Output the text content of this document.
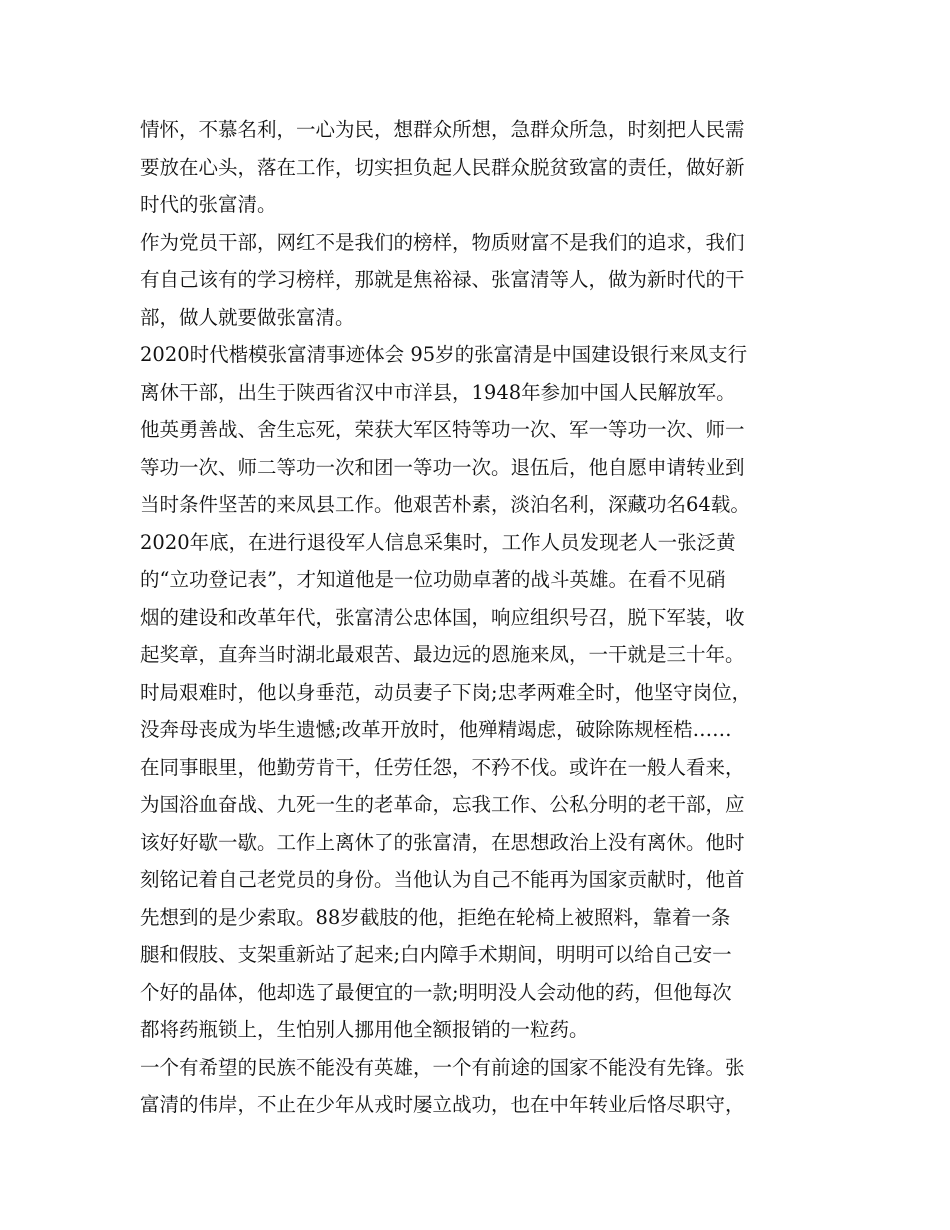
情怀，不慕名利，一心为民，想群众所想，急群众所急，时刻把人民需
要放在心头，落在工作，切实担负起人民群众脱贫致富的责任，做好新
时代的张富清。
作为党员干部，网红不是我们的榜样，物质财富不是我们的追求，我们
有自己该有的学习榜样，那就是焦裕禄、张富清等人，做为新时代的干
部，做人就要做张富清。
2020时代楷模张富清事迹体会 95岁的张富清是中国建设银行来凤支行
离休干部，出生于陕西省汉中市洋县，1948年参加中国人民解放军。
他英勇善战、舍生忘死，荣获大军区特等功一次、军一等功一次、师一
等功一次、师二等功一次和团一等功一次。退伍后，他自愿申请转业到
当时条件坚苦的来凤县工作。他艰苦朴素，淡泊名利，深藏功名64载。
2020年底，在进行退役军人信息采集时，工作人员发现老人一张泛黄
的“立功登记表”，才知道他是一位功勋卓著的战斗英雄。在看不见硝
烟的建设和改革年代，张富清公忠体国，响应组织号召，脱下军装，收
起奖章，直奔当时湖北最艰苦、最边远的恩施来凤，一干就是三十年。
时局艰难时，他以身垂范，动员妻子下岗;忠孝两难全时，他坚守岗位，
没奔母丧成为毕生遗憾;改革开放时，他殚精竭虑，破除陈规桎梏……
在同事眼里，他勤劳肯干，任劳任怨，不矜不伐。或许在一般人看来，
为国浴血奋战、九死一生的老革命，忘我工作、公私分明的老干部，应
该好好歇一歇。工作上离休了的张富清，在思想政治上没有离休。他时
刻铭记着自己老党员的身份。当他认为自己不能再为国家贡献时，他首
先想到的是少索取。88岁截肢的他，拒绝在轮椅上被照料，靠着一条
腿和假肢、支架重新站了起来;白内障手术期间，明明可以给自己安一
个好的晶体，他却选了最便宜的一款;明明没人会动他的药，但他每次
都将药瓶锁上，生怕别人挪用他全额报销的一粒药。
一个有希望的民族不能没有英雄，一个有前途的国家不能没有先锋。张
富清的伟岸，不止在少年从戎时屡立战功，也在中年转业后恪尽职守，
